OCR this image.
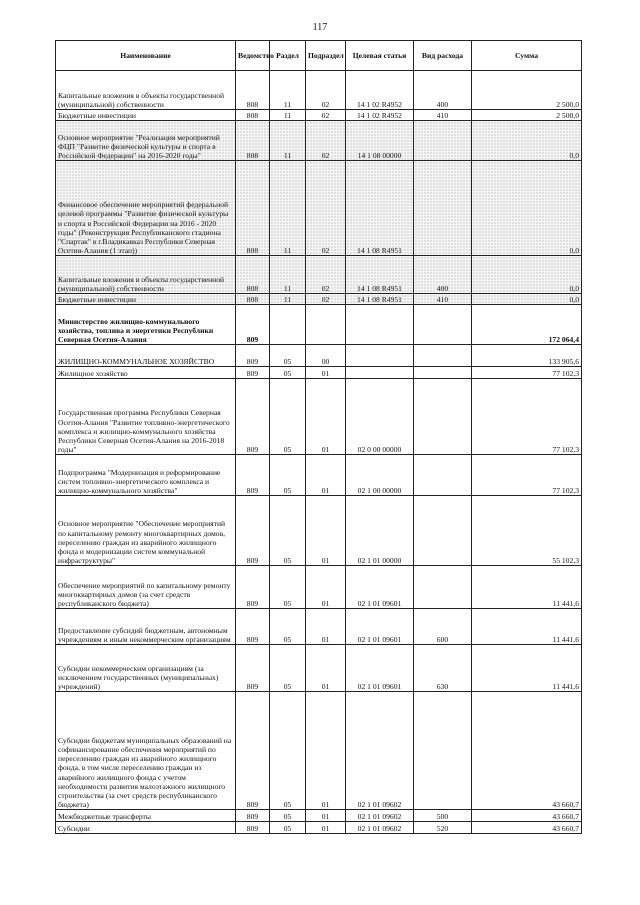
117
Наименование	Ведомство	Раздел	Подраздел	Целевая статья	Вид расхода	Сумма
Капитальные вложения в объекты государственной (муниципальной) собственности	808	11	02	14 1 02 R4952	400	2 500,0
Бюджетные инвестиции	808	11	02	14 1 02 R4952	410	2 500,0
Основное мероприятие "Реализация мероприятий ФЦП "Развитие физической культуры и спорта в Российской Федерации" на 2016-2020 годы"	808	11	02	14 1 08 00000		0,0
Финансовое обеспечение мероприятий федеральной целевой программы "Развитие физической культуры и спорта в Российской Федерации на 2016 - 2020 годы" (Реконструкция Республиканского стадиона "Спартак" в г.Владикавказ Республики Северная Осетия-Алания (1 этап))	808	11	02	14 1 08 R4951		0,0
Капитальные вложения в объекты государственной (муниципальной) собственности	808	11	02	14 1 08 R4951	400	0,0
Бюджетные инвестиции	808	11	02	14 1 08 R4951	410	0,0
Министерство жилищно-коммунального хозяйства, топлива и энергетики Республики Северная Осетия-Алания	809					172 064,4
ЖИЛИЩНО-КОММУНАЛЬНОЕ ХОЗЯЙСТВО	809	05	00			133 905,6
Жилищное хозяйство	809	05	01			77 102,3
Государственная программа Республики Северная Осетия-Алания "Развитие топливно-энергетического комплекса и жилищно-коммунального хозяйства Республики Северная Осетия-Алания на 2016-2018 годы"	809	05	01	02 0 00 00000		77 102,3
Подпрограмма "Модернизация и реформирование систем топливно-энергетического комплекса и жилищно-коммунального хозяйства"	809	05	01	02 1 00 00000		77 102,3
Основное мероприятие "Обеспечение мероприятий по капитальному ремонту многоквартирных домов, переселению граждан из аварийного жилищного фонда и модернизации систем коммунальной инфраструктуры"	809	05	01	02 1 01 00000		55 102,3
Обеспечение мероприятий по капитальному ремонту многоквартирных домов (за счет средств республиканского бюджета)	809	05	01	02 1 01 09601		11 441,6
Предоставление субсидий бюджетным, автономным учреждениям и иным некоммерческим организациям	809	05	01	02 1 01 09601	600	11 441,6
Субсидии некоммерческим организациям (за исключением государственных (муниципальных) учреждений)	809	05	01	02 1 01 09601	630	11 441,6
Субсидии бюджетам муниципальных образований на софинансирование обеспечения мероприятий по переселению граждан из аварийного жилищного фонда, в том числе переселению граждан из аварийного жилищного фонда с учетом необходимости развития малоэтажного жилищного строительства (за счет средств республиканского бюджета)	809	05	01	02 1 01 09602		43 660,7
Межбюджетные трансферты	809	05	01	02 1 01 09602	500	43 660,7
Субсидии	809	05	01	02 1 01 09602	520	43 660,7
